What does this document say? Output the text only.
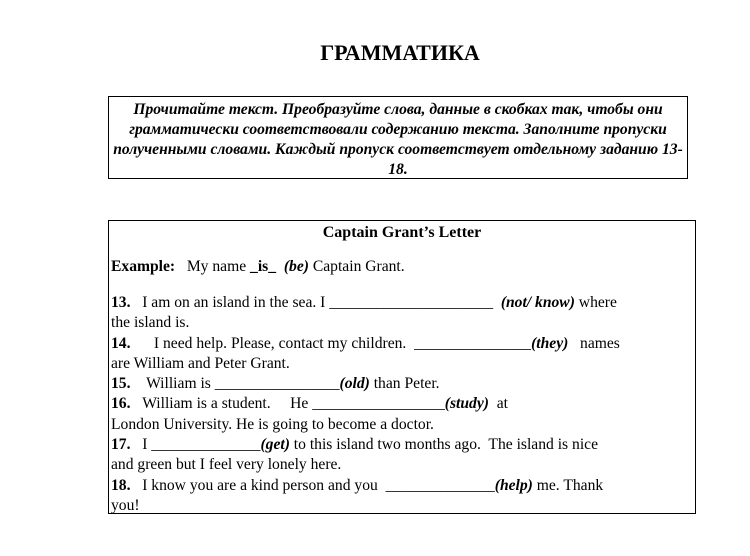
ГРАММАТИКА
Прочитайте текст. Преобразуйте слова, данные в скобках так, чтобы они грамматически соответствовали содержанию текста. Заполните пропуски полученными словами. Каждый пропуск соответствует отдельному заданию 13-18.
Captain Grant’s Letter
Example: My name _is_ (be) Captain Grant.
13. I am on an island in the sea. I _____________________ (not/ know) where
the island is.
14. I need help. Please, contact my children.  _______________(they) names
are William and Peter Grant.
15. William is ________________(old) than Peter.
16. William is a student.     He _________________(study)  at
London University. He is going to become a doctor.
17. I ______________(get) to this island two months ago.  The island is nice
and green but I feel very lonely here.
18. I know you are a kind person and you  ______________(help) me. Thank
you!
